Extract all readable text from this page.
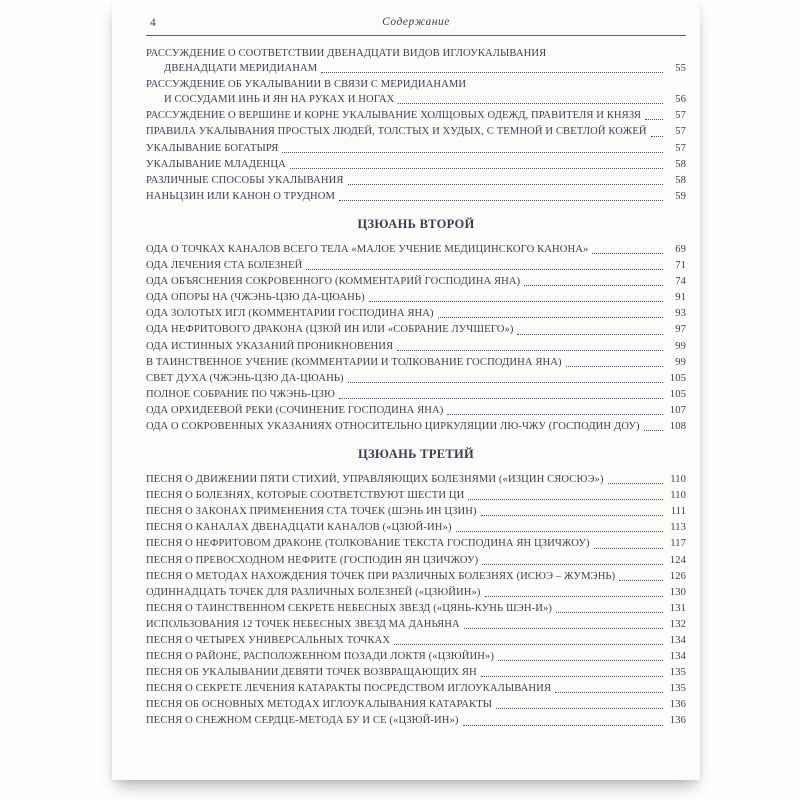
4	Содержание
РАССУЖДЕНИЕ О СООТВЕТСТВИИ ДВЕНАДЦАТИ ВИДОВ ИГЛОУКАЛЫВАНИЯ
ДВЕНАДЦАТИ МЕРИДИАНАМ	55
РАССУЖДЕНИЕ ОБ УКАЛЫВАНИИ В СВЯЗИ С МЕРИДИАНАМИ
И СОСУДАМИ ИНЬ И ЯН НА РУКАХ И НОГАХ	56
РАССУЖДЕНИЕ О ВЕРШИНЕ И КОРНЕ УКАЛЫВАНИЕ ХОЛЩОВЫХ ОДЕЖД, ПРАВИТЕЛЯ И КНЯЗЯ	57
ПРАВИЛА УКАЛЫВАНИЯ ПРОСТЫХ ЛЮДЕЙ, ТОЛСТЫХ И ХУДЫХ, С ТЕМНОЙ И СВЕТЛОЙ КОЖЕЙ	57
УКАЛЫВАНИЕ БОГАТЫРЯ	57
УКАЛЫВАНИЕ МЛАДЕНЦА	58
РАЗЛИЧНЫЕ СПОСОБЫ УКАЛЫВАНИЯ	58
НАНЬЦЗИН ИЛИ КАНОН О ТРУДНОМ	59
ЦЗЮАНЬ ВТОРОЙ
ОДА О ТОЧКАХ КАНАЛОВ ВСЕГО ТЕЛА «МАЛОЕ УЧЕНИЕ МЕДИЦИНСКОГО КАНОНА»	69
ОДА ЛЕЧЕНИЯ СТА БОЛЕЗНЕЙ	71
ОДА ОБЪЯСНЕНИЯ СОКРОВЕННОГО (КОММЕНТАРИЙ ГОСПОДИНА ЯНА)	74
ОДА ОПОРЫ НА (ЧЖЭНЬ-ЦЗЮ ДА-ЦЮАНЬ)	91
ОДА ЗОЛОТЫХ ИГЛ (КОММЕНТАРИИ ГОСПОДИНА ЯНА)	93
ОДА НЕФРИТОВОГО ДРАКОНА (ЦЗЮЙ ИН ИЛИ «СОБРАНИЕ ЛУЧШЕГО»)	97
ОДА ИСТИННЫХ УКАЗАНИЙ ПРОНИКНОВЕНИЯ	99
В ТАИНСТВЕННОЕ УЧЕНИЕ (КОММЕНТАРИИ И ТОЛКОВАНИЕ ГОСПОДИНА ЯНА)	99
СВЕТ ДУХА (ЧЖЭНЬ-ЦЗЮ ДА-ЦЮАНЬ)	105
ПОЛНОЕ СОБРАНИЕ ПО ЧЖЭНЬ-ЦЗЮ	105
ОДА ОРХИДЕЕВОЙ РЕКИ (СОЧИНЕНИЕ ГОСПОДИНА ЯНА)	107
ОДА О СОКРОВЕННЫХ УКАЗАНИЯХ ОТНОСИТЕЛЬНО ЦИРКУЛЯЦИИ ЛЮ-ЧЖУ (ГОСПОДИН ДОУ)	108
ЦЗЮАНЬ ТРЕТИЙ
ПЕСНЯ О ДВИЖЕНИИ ПЯТИ СТИХИЙ, УПРАВЛЯЮЩИХ БОЛЕЗНЯМИ («ИЗЦИН СЯОСЮЭ»)	110
ПЕСНЯ О БОЛЕЗНЯХ, КОТОРЫЕ СООТВЕТСТВУЮТ ШЕСТИ ЦИ	110
ПЕСНЯ О ЗАКОНАХ ПРИМЕНЕНИЯ СТА ТОЧЕК (ШЭНЬ ИН ЦЗИН)	111
ПЕСНЯ О КАНАЛАХ ДВЕНАДЦАТИ КАНАЛОВ («ЦЗЮЙ-ИН»)	113
ПЕСНЯ О НЕФРИТОВОМ ДРАКОНЕ (ТОЛКОВАНИЕ ТЕКСТА ГОСПОДИНА ЯН ЦЗИЧЖОУ)	117
ПЕСНЯ О ПРЕВОСХОДНОМ НЕФРИТЕ (ГОСПОДИН ЯН ЦЗИЧЖОУ)	124
ПЕСНЯ О МЕТОДАХ НАХОЖДЕНИЯ ТОЧЕК ПРИ РАЗЛИЧНЫХ БОЛЕЗНЯХ (ИСЮЭ – ЖУМЭНЬ)	126
ОДИННАДЦАТЬ ТОЧЕК ДЛЯ РАЗЛИЧНЫХ БОЛЕЗНЕЙ («ЦЗЮЙИН»)	130
ПЕСНЯ О ТАИНСТВЕННОМ СЕКРЕТЕ НЕБЕСНЫХ ЗВЕЗД («ЦЯНЬ-КУНЬ ШЭН-И»)	131
ИСПОЛЬЗОВАНИЯ 12 ТОЧЕК НЕБЕСНЫХ ЗВЕЗД МА ДАНЬЯНА	132
ПЕСНЯ О ЧЕТЫРЕХ УНИВЕРСАЛЬНЫХ ТОЧКАХ	134
ПЕСНЯ О РАЙОНЕ, РАСПОЛОЖЕННОМ ПОЗАДИ ЛОКТЯ («ЦЗЮЙИН»)	134
ПЕСНЯ ОБ УКАЛЫВАНИИ ДЕВЯТИ ТОЧЕК ВОЗВРАЩАЮЩИХ ЯН	135
ПЕСНЯ О СЕКРЕТЕ ЛЕЧЕНИЯ КАТАРАКТЫ ПОСРЕДСТВОМ ИГЛОУКАЛЫВАНИЯ	135
ПЕСНЯ ОБ ОСНОВНЫХ МЕТОДАХ ИГЛОУКАЛЫВАНИЯ КАТАРАКТЫ	136
ПЕСНЯ О СНЕЖНОМ СЕРДЦЕ-МЕТОДА БУ И СЕ («ЦЗЮЙ-ИН»)	136
